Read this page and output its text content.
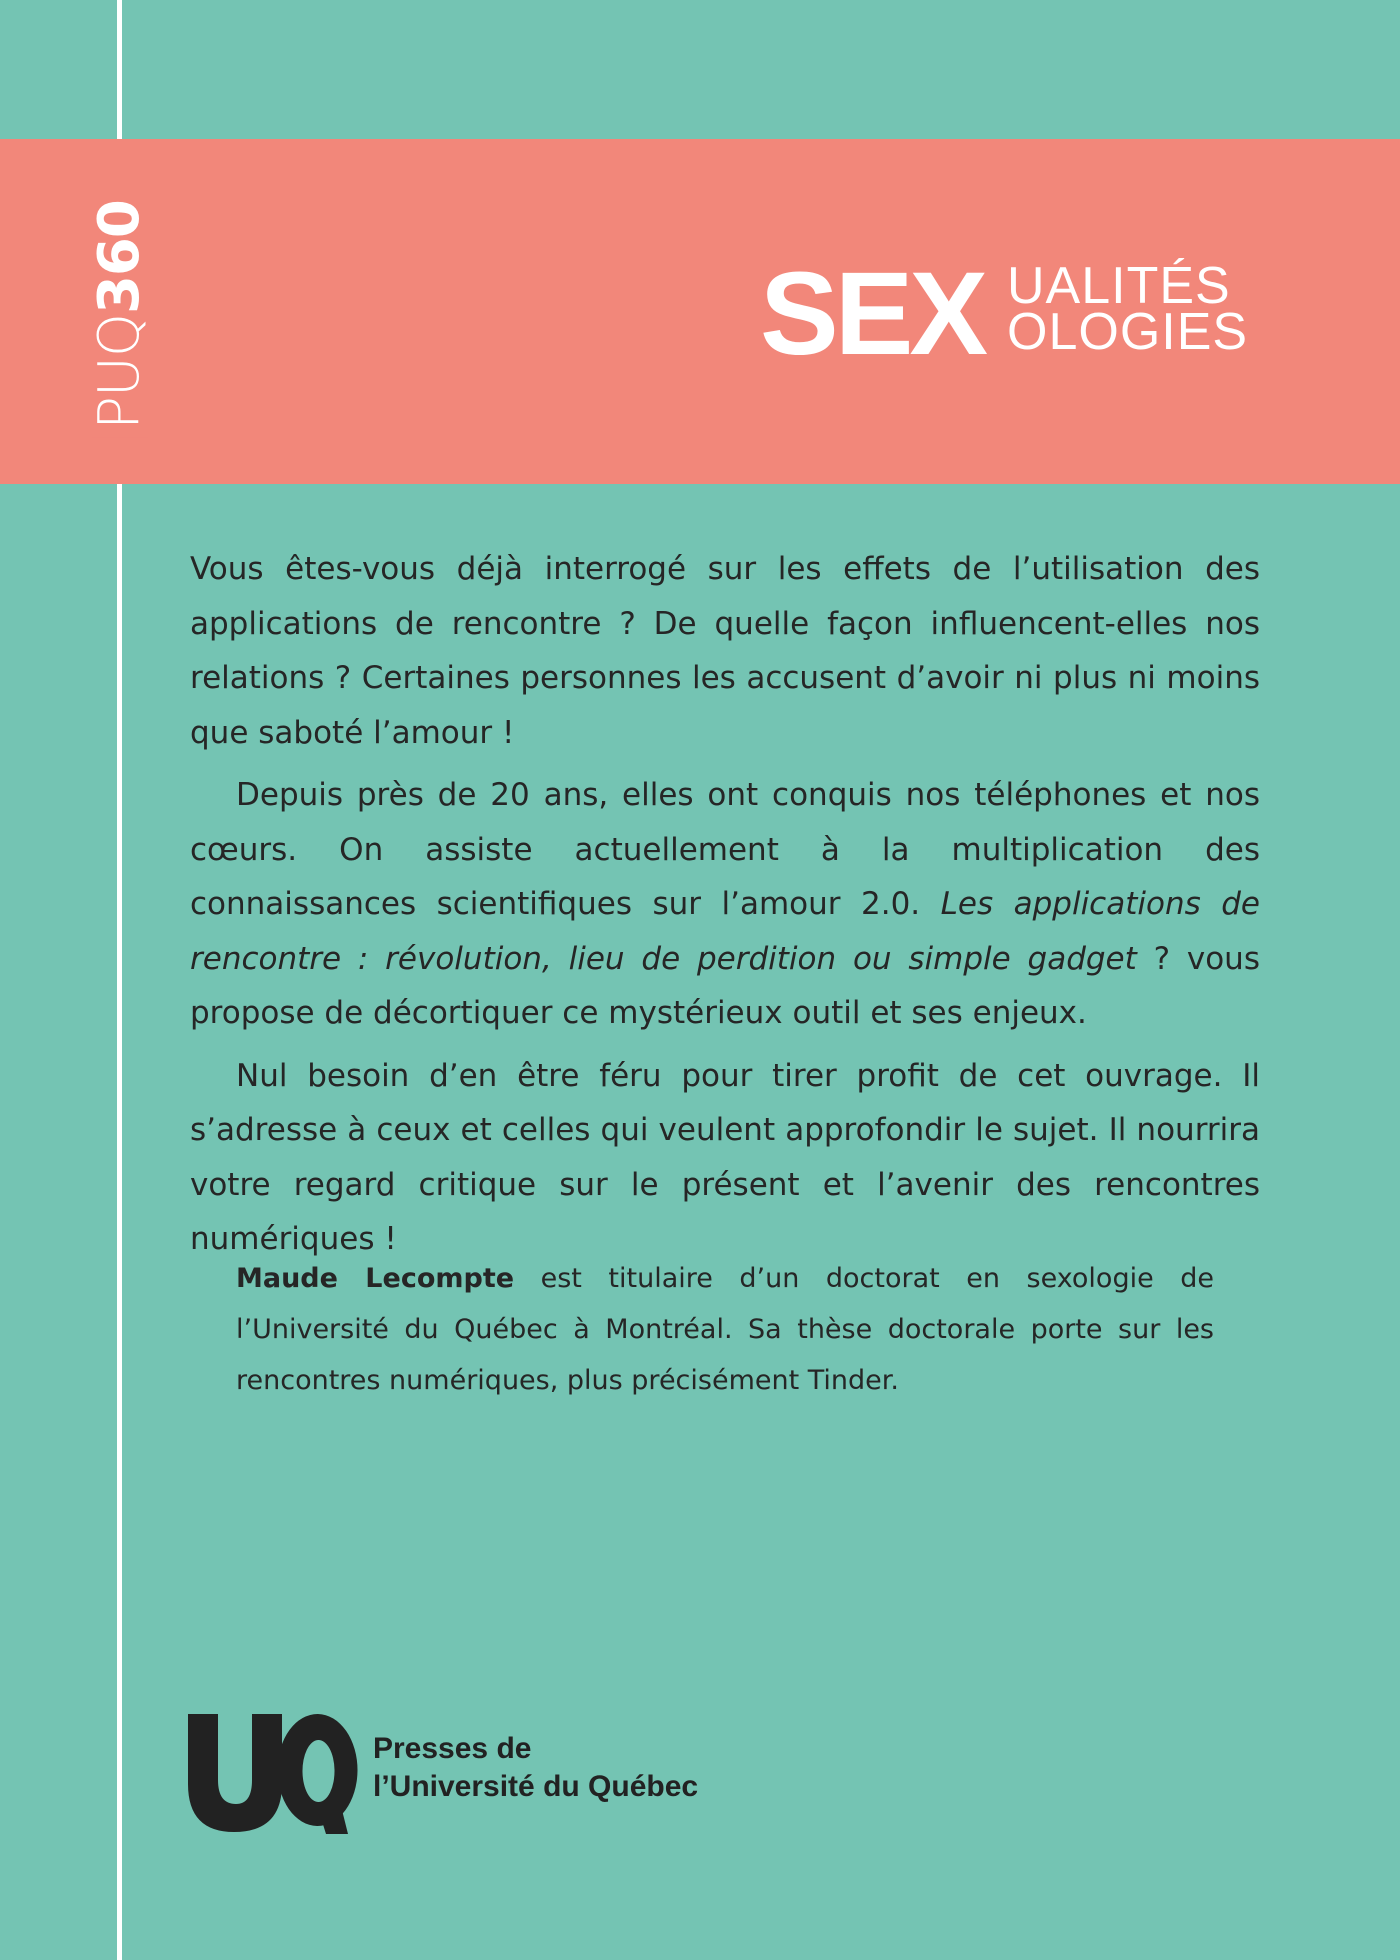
PUQ360	SEX UALITÉS
OLOGIES

Vous êtes-vous déjà interrogé sur les effets de l’utilisation des applications de rencontre ? De quelle façon influencent-elles nos relations ? Certaines personnes les accusent d’avoir ni plus ni moins que saboté l’amour !

Depuis près de 20 ans, elles ont conquis nos téléphones et nos cœurs. On assiste actuellement à la multiplication des connaissances scientifiques sur l’amour 2.0. Les applications de rencontre : révolution, lieu de perdition ou simple gadget ? vous propose de décortiquer ce mystérieux outil et ses enjeux.

Nul besoin d’en être féru pour tirer profit de cet ouvrage. Il s’adresse à ceux et celles qui veulent approfondir le sujet. Il nourrira votre regard critique sur le présent et l’avenir des rencontres numériques !

Maude Lecompte est titulaire d’un doctorat en sexologie de l’Université du Québec à Montréal. Sa thèse doctorale porte sur les rencontres numériques, plus précisément Tinder.

Presses de
l’Université du Québec
